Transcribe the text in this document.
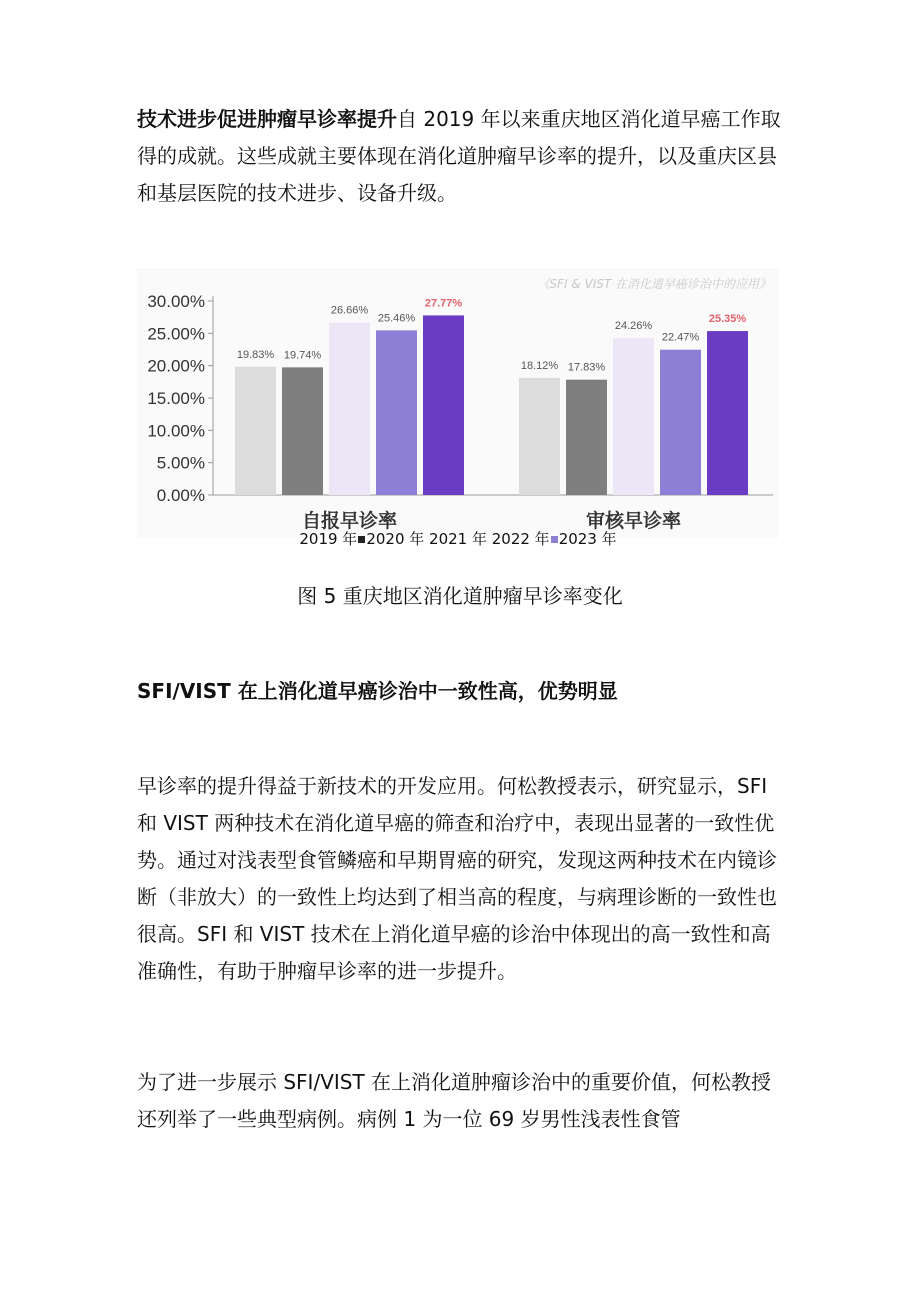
技术进步促进肿瘤早诊率提升自 2019 年以来重庆地区消化道早癌工作取得的成就。这些成就主要体现在消化道肿瘤早诊率的提升，以及重庆区县和基层医院的技术进步、设备升级。

《SFI & VIST 在消化道早癌诊治中的应用》
0.00%
5.00%
10.00%
15.00%
20.00%
25.00%
30.00%
19.83% 19.74%
26.66%
25.46%
27.77%
自报早诊率
18.12% 17.83%
24.26%
22.47%
25.35%
审核早诊率
2019 年 2020 年 2021 年 2022 年 2023 年
图 5 重庆地区消化道肿瘤早诊率变化

SFI/VIST 在上消化道早癌诊治中一致性高，优势明显

早诊率的提升得益于新技术的开发应用。何松教授表示，研究显示，SFI 和 VIST 两种技术在消化道早癌的筛查和治疗中，表现出显著的一致性优势。通过对浅表型食管鳞癌和早期胃癌的研究，发现这两种技术在内镜诊断（非放大）的一致性上均达到了相当高的程度，与病理诊断的一致性也很高。SFI 和 VIST 技术在上消化道早癌的诊治中体现出的高一致性和高准确性，有助于肿瘤早诊率的进一步提升。

为了进一步展示 SFI/VIST 在上消化道肿瘤诊治中的重要价值，何松教授还列举了一些典型病例。病例 1 为一位 69 岁男性浅表性食管
